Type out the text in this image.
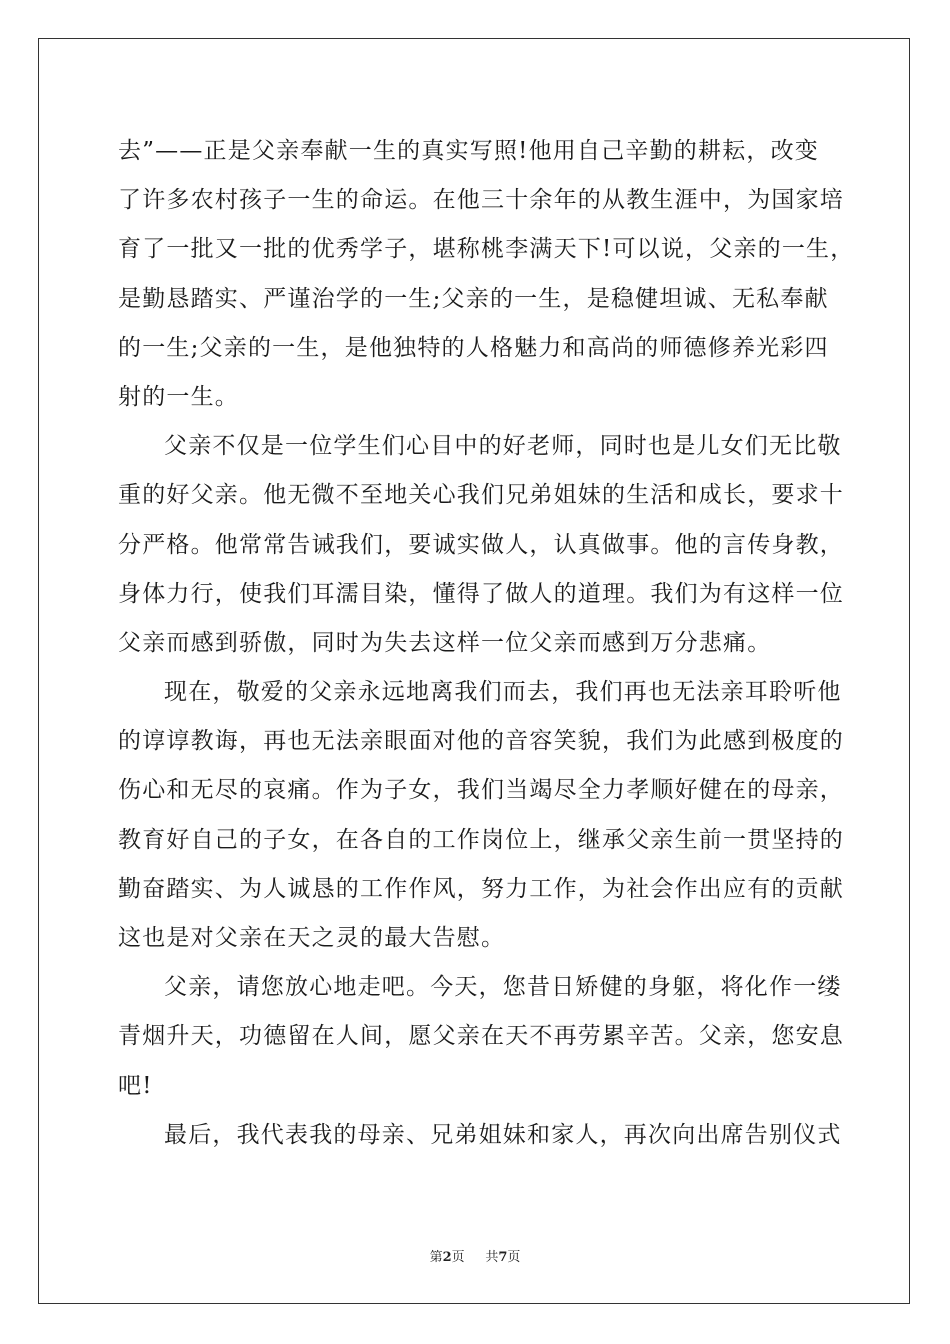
去”——正是父亲奉献一生的真实写照!他用自己辛勤的耕耘，改变
了许多农村孩子一生的命运。在他三十余年的从教生涯中，为国家培
育了一批又一批的优秀学子，堪称桃李满天下!可以说，父亲的一生，
是勤恳踏实、严谨治学的一生;父亲的一生，是稳健坦诚、无私奉献
的一生;父亲的一生，是他独特的人格魅力和高尚的师德修养光彩四
射的一生。
父亲不仅是一位学生们心目中的好老师，同时也是儿女们无比敬
重的好父亲。他无微不至地关心我们兄弟姐妹的生活和成长，要求十
分严格。他常常告诫我们，要诚实做人，认真做事。他的言传身教，
身体力行，使我们耳濡目染，懂得了做人的道理。我们为有这样一位
父亲而感到骄傲，同时为失去这样一位父亲而感到万分悲痛。
现在，敬爱的父亲永远地离我们而去，我们再也无法亲耳聆听他
的谆谆教诲，再也无法亲眼面对他的音容笑貌，我们为此感到极度的
伤心和无尽的哀痛。作为子女，我们当竭尽全力孝顺好健在的母亲，
教育好自己的子女，在各自的工作岗位上，继承父亲生前一贯坚持的
勤奋踏实、为人诚恳的工作作风，努力工作，为社会作出应有的贡献
这也是对父亲在天之灵的最大告慰。
父亲，请您放心地走吧。今天，您昔日矫健的身躯，将化作一缕
青烟升天，功德留在人间，愿父亲在天不再劳累辛苦。父亲，您安息
吧!
最后，我代表我的母亲、兄弟姐妹和家人，再次向出席告别仪式
第2页 共7页
